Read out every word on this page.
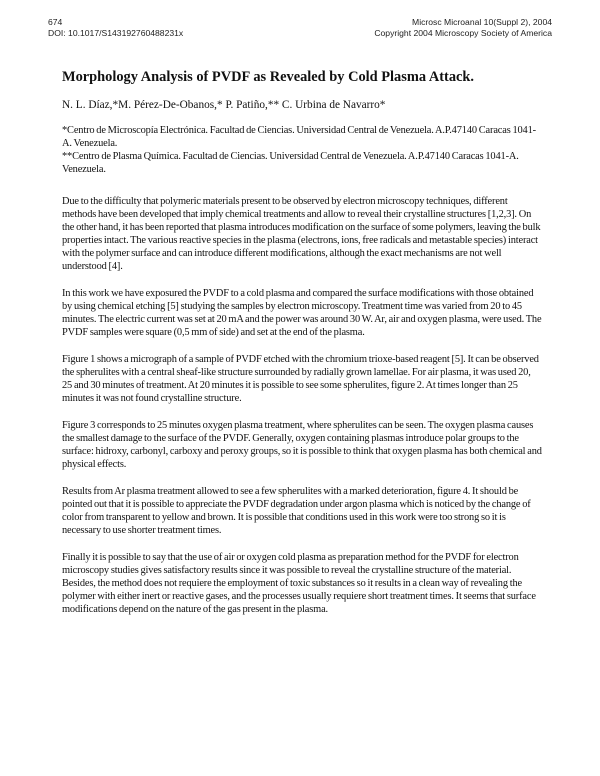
674
DOI: 10.1017/S143192760488231x
Microsc Microanal 10(Suppl 2), 2004
Copyright 2004 Microscopy Society of America
Morphology Analysis of PVDF as Revealed by Cold Plasma Attack.
N. L. Díaz,*M. Pérez-De-Obanos,* P. Patiño,** C. Urbina de Navarro*

*Centro de Microscopía Electrónica. Facultad de Ciencias. Universidad Central de Venezuela. A.P.47140 Caracas 1041-A. Venezuela.

**Centro de Plasma Química. Facultad de Ciencias. Universidad Central de Venezuela. A.P.47140 Caracas 1041-A. Venezuela.

Due to the difficulty that polymeric materials present to be observed by electron microscopy techniques, different methods have been developed that imply chemical treatments and allow to reveal their crystalline structures [1,2,3]. On the other hand, it has been reported that plasma introduces modification on the surface of some polymers, leaving the bulk properties intact. The various reactive species in the plasma (electrons, ions, free radicals and metastable species) interact with the polymer surface and can introduce different modifications, although the exact mechanisms are not well understood [4].

In this work we have exposured the PVDF to a cold plasma and compared the surface modifications with those obtained by using chemical etching [5] studying the samples by electron microscopy. Treatment time was varied from 20 to 45 minutes. The electric current was set at 20 mA and the power was around 30 W. Ar, air and oxygen plasma, were used. The PVDF samples were square (0,5 mm of side) and set at the end of the plasma.

Figure 1 shows a micrograph of a sample of PVDF etched with the chromium trioxe-based reagent [5]. It can be observed the spherulites with a central sheaf-like structure surrounded by radially grown lamellae. For air plasma, it was used 20, 25 and 30 minutes of treatment. At 20 minutes it is possible to see some spherulites, figure 2. At times longer than 25 minutes it was not found crystalline structure.

Figure 3 corresponds to 25 minutes oxygen plasma treatment, where spherulites can be seen. The oxygen plasma causes the smallest damage to the surface of the PVDF. Generally, oxygen containing plasmas introduce polar groups to the surface: hidroxy, carbonyl, carboxy and peroxy groups, so it is possible to think that oxygen plasma has both chemical and physical effects.

Results from Ar plasma treatment allowed to see a few spherulites with a marked deterioration, figure 4. It should be pointed out that it is possible to appreciate the PVDF degradation under argon plasma which is noticed by the change of color from transparent to yellow and brown. It is possible that conditions used in this work were too strong so it is necessary to use shorter treatment times.

Finally it is possible to say that the use of air or oxygen cold plasma as preparation method for the PVDF for electron microscopy studies gives satisfactory results since it was possible to reveal the crystalline structure of the material. Besides, the method does not requiere the employment of toxic substances so it results in a clean way of revealing the polymer with either inert or reactive gases, and the processes usually requiere short treatment times. It seems that surface modifications depend on the nature of the gas present in the plasma.
